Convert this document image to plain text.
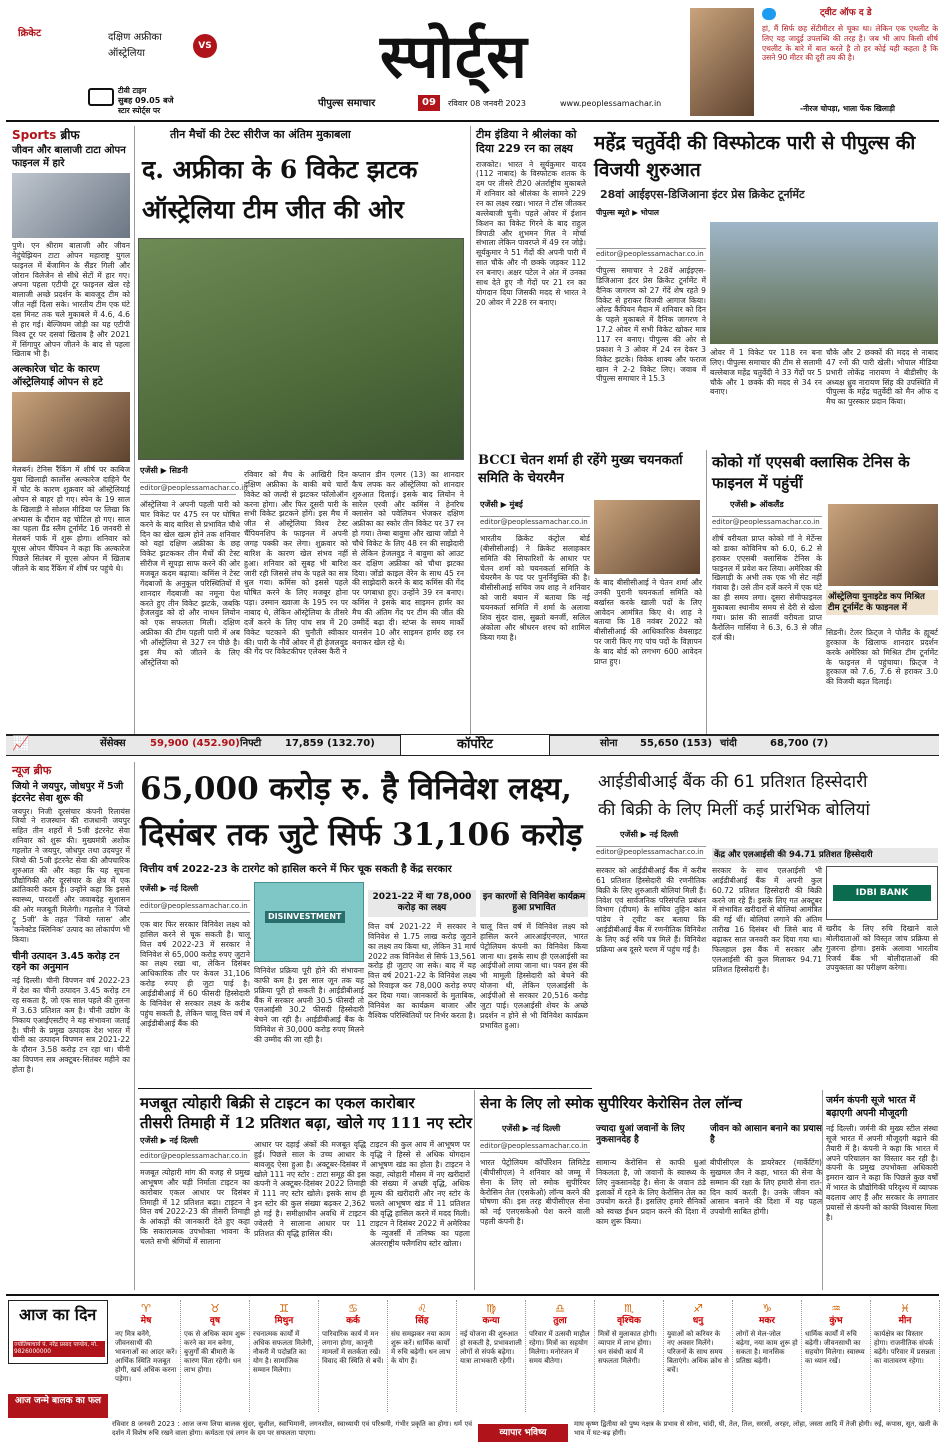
क्रिकेट	दक्षिण अफ्रीका
ऑस्ट्रेलिया
VS
टीवी टाइम
सुबह 09.05 बजे
स्टार स्पोर्ट्स पर
स्पोर्ट्स
पीपुल्स समाचार	09	रविवार 08 जनवरी 2023	www.peoplessamachar.in
ट्वीट ऑफ द डे
हां, मैं सिर्फ छह सेंटीमीटर से चूका था। लेकिन एक एथलीट के लिए यह जादुई उपलब्धि की तरह है। जब भी आप किसी शीर्ष एथलीट के बारे में बात करते है तो हर कोई यही कहता है कि उसने 90 मीटर की दूरी तय की है।
-नीरज चोपड़ा, भाला फेंक खिलाड़ी
Sports ब्रीफ
जीवन और बालाजी टाटा ओपन फाइनल में हारे
पुणे। एन श्रीराम बालाजी और जीवन नेदुंचेझियन टाटा ओपन महाराष्ट्र युगल फाइनल में बेंजामिन के सैंडर गिली और जोरान विलेजेन से सीधे सेटों में हार गए। अपना पहला एटीपी टूर फाइनल खेल रहे बालाजी अच्छे प्रदर्शन के बावजूद टीम को जीत नहीं दिला सके। भारतीय टीम एक घंटे दस मिनट तक चले मुकाबले में 4.6, 4.6 से हार गई। बेल्जियम जोड़ी का यह एटीपी विश्व टूर पर दसवां खिताब है और 2021 में सिंगापुर ओपन जीतने के बाद से पहला खिताब भी है।
अल्कारेज चोट के कारण ऑस्ट्रेलियाई ओपन से हटे
मेलबर्न। टेनिस रैंकिंग में शीर्ष पर काबिज युवा खिलाड़ी कार्लोस अल्कारेज दाहिने पैर में चोट के कारण शुक्रवार को ऑस्ट्रेलियाई ओपन से बाहर हो गए। स्पेन के 19 साल के खिलाड़ी ने सोशल मीडिया पर लिखा कि अभ्यास के दौरान वह चोटिल हो गए। साल का पहला ग्रैंड स्लैम टूर्नामेंट 16 जनवरी से मेलबर्न पार्क में शुरू होगा। शनिवार को यूएस ओपन चैंपियन ने कहा कि अल्कारेज पिछले सितंबर में यूएस ओपन में खिताब जीतने के बाद रैंकिंग में शीर्ष पर पहुंचे थे।
तीन मैचों की टेस्ट सीरीज का अंतिम मुकाबला
द. अफ्रीका के 6 विकेट झटक
ऑस्ट्रेलिया टीम जीत की ओर
एजेंसी ▶ सिडनी
editor@peoplessamachar.co.in
ऑस्ट्रेलिया ने अपनी पहली पारी को चार विकेट पर 475 रन पर घोषित करने के बाद बारिश से प्रभावित चौथे दिन का खेल खत्म होने तक शनिवार को यहां दक्षिण अफ्रीका के छह विकेट झटककर तीन मैचों की टेस्ट सीरीज में सूपड़ा साफ करने की ओर मजबूत कदम बढ़ाया। कमिंस ने टेस्ट गेंदबाजों के अनुकूल परिस्थितियों में शानदार गेंदबाजी का नमूना पेश करते हुए तीन विकेट झटके, जबकि हेजलवुड को दो और नाथन लियोन को एक सफलता मिली। दक्षिण अफ्रीका की टीम पहली पारी में अब भी ऑस्ट्रेलिया से 327 रन पीछे है। इस मैच को जीतने के लिए ऑस्ट्रेलिया को
रविवार को मैच के आखिरी दिन दक्षिण अफ्रीका के बाकी बचे चारों विकेट को जल्दी से झटकर फॉलोऑन करना होगा। और फिर दूसरी पारी के सभी विकेट झटकने होंगे। इस मैच में जीत से ऑस्ट्रेलिया विश्व टेस्ट चैंपियनशिप के फाइनल में अपनी जगह पक्की कर लेगा। शुक्रवार को बारिश के कारण खेल संभव नहीं हुआ। शनिवार को सुबह भी बारिश जारी रही जिससे लंच के पहले का सत्र धुल गया। कमिंस को इससे पहले घोषित करने के लिए मजबूर होना पड़ा। उस्मान ख्वाजा के 195 रन पर नाबाद थे, लेकिन ऑस्ट्रेलिया के तीसरे दर्जे करने के लिए पांच सत्र में 20 विकेट चटकाने की चुनौती स्वीकार की। पारी के नौवें ओवर में ही हेजलवुड की गेंद पर विकेटकीपर एलेक्स कैरी ने
कप्तान डीन एल्गर (13) का शानदार कैच लपक कर ऑस्ट्रेलिया को शानदार शुरुआत दिलाई। इसके बाद लियोन ने सारेल एरवी और कमिंस ने हेनरिच क्लासेन को पवेलियन भेजकर दक्षिण अफ्रीका का स्कोर तीन विकेट पर 37 रन हो गया। तेम्बा बावुमा और खाया जोंडो ने चौथे विकेट के लिए 48 रन की साझेदारी से लेकिन हेजलवुड ने बावुमा को आउट कर दक्षिण अफ्रीका को चौथा झटका दिया। जोंडो काइल वेरेन के साथ 45 रन की साझेदारी करने के बाद कमिंस की गेंद पर पगबाधा हुए। उन्होंने 39 रन बनाए। कमिंस ने इसके बाद साइमन हार्मर का मैच की अंतिम गेंद पर टीम की जीत की उम्मीदें बढ़ा दी। स्टंप्स के समय मार्को यानसेन 10 और साइमन हार्मर छह रन बनाकर खेल रहे थे।
टीम इंडिया ने श्रीलंका को दिया 229 रन का लक्ष्य
राजकोट। भारत ने सूर्यकुमार यादव (112 नाबाद) के विस्फोटक शतक के दम पर तीसरे टी20 अंतर्राष्ट्रीय मुकाबले में शनिवार को श्रीलंका के सामने 229 रन का लक्ष्य रखा। भारत ने टॉस जीतकर बल्लेबाजी चुनी। पहले ओवर में ईशान किशन का विकेट गिरने के बाद राहुल त्रिपाठी और शुभमन गिल ने मोर्चा संभाला लेकिन पावरप्ले में 49 रन जोड़े। सूर्यकुमार ने 51 गेंदों की अपनी पारी में सात चौके और नौ छक्के जड़कर 112 रन बनाए। अक्षर पटेल ने अंत में उनका साथ देते हुए नौ गेंदों पर 21 रन का योगदान दिया जिसकी मदद से भारत ने 20 ओवर में 228 रन बनाए।
BCCI चेतन शर्मा ही रहेंगे मुख्य चयनकर्ता समिति के चेयरमैन
एजेंसी ▶ मुंबई
editor@peoplessamachar.co.in
भारतीय क्रिकेट कंट्रोल बोर्ड (बीसीसीआई) ने क्रिकेट सलाहकार समिति की सिफारिशों के आधार पर चेतन शर्मा को चयनकर्ता समिति के चेयरमैन के पद पर पुनर्नियुक्ति की है। बीसीसीआई सचिव जय शाह ने शनिवार को जारी बयान में बताया कि नई चयनकर्ता समिति में शर्मा के अलावा शिव सुंदर दास, सुब्रतो बनर्जी, सलिल अंकोला और श्रीधरन शरथ को शामिल किया गया है।
के बाद बीसीसीआई ने चेतन शर्मा और उनकी पुरानी चयनकर्ता समिति को बर्खास्त करके खाली पदों के लिए आवेदन आमंत्रित किए थे। शाह ने बताया कि 18 नवंबर 2022 को बीसीसीआई की आधिकारिक वेबसाइट पर जारी किए गए पांच पदों के विज्ञापन के बाद बोर्ड को लगभग 600 आवेदन प्राप्त हुए।
महेंद्र चतुर्वेदी की विस्फोटक पारी से पीपुल्स की विजयी शुरुआत
28वां आईइएस-डिजिआना इंटर प्रेस क्रिकेट टूर्नामेंट
पीपुल्स ब्यूरो ▶ भोपाल
editor@peoplessamachar.co.in
पीपुल्स समाचार ने 28वें आईइएस-डिजिआना इंटर प्रेस क्रिकेट टूर्नामेंट में दैनिक जागरण को 27 गेंदें शेष रहते 9 विकेट से हराकर विजयी आगाज किया। ओल्ड कैंपियन मैदान में शनिवार को दिन के पहले मुकाबले में दैनिक जागरण ने 17.2 ओवर में सभी विकेट खोकर मात्र 117 रन बनाए। पीपुल्स की ओर से प्रकाश ने 3 ओवर में 24 रन देकर 3 विकेट झटके। विवेक शाक्य और फराज खान ने 2-2 विकेट लिए। जवाब में पीपुल्स समाचार ने 15.3
ओवर में 1 विकेट पर 118 रन बना लिए। पीपुल्स समाचार की टीम से सलामी बल्लेबाज महेंद्र चतुर्वेदी ने 33 गेंदों पर 5 चौके और 1 छक्के की मदद से 34 रन बनाए।
चौके और 2 छक्कों की मदद से नाबाद 47 रनों की पारी खेली। भोपाल मीडिया प्रभारी लोकेंद्र नारायण ने बीडीसीए के अध्यक्ष ध्रुव नारायण सिंह की उपस्थिति में पीपुल्स के महेंद्र चतुर्वेदी को मैन ऑफ द मैच का पुरस्कार प्रदान किया।
कोको गॉ एएसबी क्लासिक टेनिस के फाइनल में पहुंचीं
एजेंसी ▶ ऑकलैंड
editor@peoplessamachar.co.in
शीर्ष वरीयता प्राप्त कोको गॉ ने मेर्टेन्स को डाका कोविनिच को 6.0, 6.2 से हराकर एएसबी क्लासिक टेनिस के फाइनल में प्रवेश कर लिया। अमेरिका की खिलाड़ी के अभी तक एक भी सेट नहीं गंवाया है। उसे तीन दर्जे करने में एक घंटे का ही समय लगा। दूसरा सेमीफाइनल मुकाबला स्थानीय समय से देरी से खेला गया। फ्रांस की सातवीं वरीयता प्राप्त कैरोलिन गार्सिया ने 6.3, 6.3 से जीत दर्ज की।
ऑस्ट्रेलिया युनाइटेड कप मिश्रित टीम टूर्नामेंट के फाइनल में
सिडनी। टेलर फ्रिट्ज ने पोलैंड के ह्यूबर्ट हुरकाज के खिलाफ शानदार प्रदर्शन करके अमेरिका को मिश्रित टीम टूर्नामेंट के फाइनल में पहुंचाया। फ्रिट्ज ने हुरकाज को 7.6, 7.6 से हराकर 3.0 की विजयी बढ़त दिलाई।
📈	सेंसेक्स 59,900 (452.90) निफ्टी 17,859 (132.70)	कॉर्पोरेट	सोना 55,650 (153) चांदी	68,700 (7)
न्यूज ब्रीफ
जियो ने जयपुर, जोधपुर में 5जी इंटरनेट सेवा शुरू की
जयपुर। निजी दूरसंचार कंपनी रिलायंस जियो ने राजस्थान की राजधानी जयपुर सहित तीन शहरों में 5जी इंटरनेट सेवा शनिवार को शुरू की। मुख्यमंत्री अशोक गहलोत ने जयपुर, जोधपुर तथा उदयपुर में जियो की 5जी इंटरनेट सेवा की औपचारिक शुरुआत की और कहा कि यह सूचना प्रौद्योगिकी और दूरसंचार के क्षेत्र में एक क्रांतिकारी कदम है। उन्होंने कहा कि इससे स्वास्थ्य, पारदर्शी और जवाबदेह सुशासन की ओर मजबूती मिलेगी। गहलोत ने 'जियो ट्रू 5जी' के तहत 'जियो ग्लास' और 'कनेक्टेड क्लिनिक' उत्पाद का लोकार्पण भी किया।
चीनी उत्पादन 3.45 करोड़ टन रहने का अनुमान
नई दिल्ली। चीनी विपणन वर्ष 2022-23 में देश का चीनी उत्पादन 3.45 करोड़ टन रह सकता है, जो एक साल पहले की तुलना में 3.63 प्रतिशत कम है। चीनी उद्योग के निकाय एआईएसटीए ने यह संभावना जताई है। चीनी के प्रमुख उत्पादक देश भारत में चीनी का उत्पादन विपणन सत्र 2021-22 के दौरान 3.58 करोड़ टन रहा था। चीनी का विपणन सत्र अक्टूबर-सितंबर महीने का होता है।
65,000 करोड़ रु. है विनिवेश लक्ष्य,
दिसंबर तक जुटे सिर्फ 31,106 करोड़
वित्तीय वर्ष 2022-23 के टारगेट को हासिल करने में फिर चूक सकती है केंद्र सरकार
एजेंसी ▶ नई दिल्ली
editor@peoplessamachar.co.in
एक बार फिर सरकार विनिवेश लक्ष्य को हासिल करने से चूक सकती है। चालू वित्त वर्ष 2022-23 में सरकार ने विनिवेश से 65,000 करोड़ रुपए जुटाने का लक्ष्य रखा था, लेकिन दिसंबर आधिकारिक तौर पर केवल 31,106 करोड़ रुपए ही जुटा पाई है। आईडीबीआई में 60 फीसदी हिस्सेदारी के विनिवेश से सरकार लक्ष्य के करीब पहुंच सकती है, लेकिन चालू वित्त वर्ष में आईडीबीआई बैंक की
DISINVESTMENT
विनिवेश प्रक्रिया पूरी होने की संभावना काफी कम है। इस साल जून तक यह प्रक्रिया पूरी हो सकती है। आईडीबीआई बैंक में सरकार अपनी 30.5 फीसदी तो एलआईसी 30.2 फीसदी हिस्सेदारी बेचने जा रही है। आईडीबीआई बैंक के विनिवेश से 30,000 करोड़ रुपए मिलने की उम्मीद की जा रही है।
2021-22 में था 78,000 करोड़ का लक्ष्य
वित्त वर्ष 2021-22 में सरकार ने विनिवेश से 1.75 लाख करोड़ जुटाने का लक्ष्य तय किया था, लेकिन 31 मार्च 2022 तक विनिवेश से सिर्फ 13,561 करोड़ ही जुटाए जा सके। बाद में यह वित्त वर्ष 2021-22 के विनिवेश लक्ष्य को रिवाइज कर 78,000 करोड़ रुपए कर दिया गया। जानकारों के मुताबिक, विनिवेश का कार्यक्रम बाजार और वैश्विक परिस्थितियों पर निर्भर करता है।
इन कारणों से विनिवेश कार्यक्रम हुआ प्रभावित
चालू वित्त वर्ष में विनिवेश लक्ष्य को हासिल करने आरआईएनएल, भारत पेट्रोलियम कंपनी का विनिवेश किया जाना था। इसके साथ ही एलआईसी का आईपीओ लाया जाना था। पवन हंस की भी मामूली हिस्सेदारी को बेचने की योजना थी, लेकिन एलआईसी के आईपीओ से सरकार 20,516 करोड़ जुटा पाई। एलआईसी शेयर के अच्छे प्रदर्शन न होने से भी विनिवेश कार्यक्रम प्रभावित हुआ।
मजबूत त्योहारी बिक्री से टाइटन का एकल कारोबार
तीसरी तिमाही में 12 प्रतिशत बढ़ा, खोले गए 111 नए स्टोर
एजेंसी ▶ नई दिल्ली
editor@peoplessamachar.co.in
मजबूत त्योहारी मांग की वजह से प्रमुख आभूषण और घड़ी निर्माता टाइटन का कारोबार एकल आधार पर दिसंबर तिमाही में 12 प्रतिशत बढ़ा। टाइटन ने वित्त वर्ष 2022-23 की तीसरी तिमाही के आंकड़ों की जानकारी देते हुए कहा कि सकारात्मक उपभोक्ता भावना के चलते सभी श्रेणियों में सालाना
आधार पर दहाई अंकों की मजबूत वृद्धि हुई। पिछले साल के उच्च आधार के बावजूद ऐसा हुआ है। अक्टूबर-दिसंबर में खोले 111 नए स्टोर : टाटा समूह की इस कंपनी ने अक्टूबर-दिसंबर 2022 तिमाही में 111 नए स्टोर खोले। इसके साथ ही इन स्टोर की कुल संख्या बढ़कर 2,362 हो गई है। समीक्षाधीन अवधि में टाइटन ज्वेलरी ने सालाना आधार पर 11 प्रतिशत की वृद्धि हासिल की।
टाइटन की कुल आय में आभूषण पर वृद्धि ने हिस्से से अधिक योगदान आभूषण खंड का होता है। टाइटन ने कहा, त्योहारी मौसम में नए खरीदारों की संख्या में अच्छी वृद्धि, अधिक मूल्य की खरीदारी और नए स्टोर के चलते आभूषण खंड में 11 प्रतिशत की वृद्धि हासिल करने में मदद मिली। टाइटन ने दिसंबर 2022 में अमेरिका के न्यूजर्सी में तनिष्क का पहला अंतरराष्ट्रीय फ्लैगशिप स्टोर खोला।
सेना के लिए लो स्मोक सुपीरियर केरोसिन तेल लॉन्च
एजेंसी ▶ नई दिल्ली
editor@peoplessamachar.co.in
भारत पेट्रोलियम कॉर्पोरेशन लिमिटेड (बीपीसीएल) ने शनिवार को जम्मू में सेना के लिए लो स्मोक सुपीरियर केरोसिन तेल (एसकेओ) लॉन्च करने की घोषणा की। इस तरह बीपीसीएल सेना को नई एलएसकेओ पेश करने वाली पहली कंपनी है।
ज्यादा धुआं जवानों के लिए नुकसानदेह है
सामान्य केरोसिन से काफी धुआं निकलता है, जो जवानों के स्वास्थ्य के लिए नुकसानदेह है। सेना के जवान ठंडे इलाकों में रहने के लिए केरोसिन तेल का उपयोग करते हैं। इसलिए हमारे सैनिकों को स्वच्छ ईंधन प्रदान करने की दिशा में काम शुरू किया।
जीवन को आसान बनाने का प्रयास है
बीपीसीएल के डायरेक्टर (मार्केटिंग) सुखमल जैन ने कहा, भारत की सेना के सम्मान की रक्षा के लिए हमारी सेना रात-दिन कार्य करती है। उनके जीवन को आसान बनाने की दिशा में यह पहल उपयोगी साबित होगी।
आईडीबीआई बैंक की 61 प्रतिशत हिस्सेदारी
की बिक्री के लिए मिलीं कई प्रारंभिक बोलियां
एजेंसी ▶ नई दिल्ली
editor@peoplessamachar.co.in
सरकार को आईडीबीआई बैंक में करीब 61 प्रतिशत हिस्सेदारी की रणनीतिक बिक्री के लिए शुरुआती बोलियां मिली हैं। निवेश एवं सार्वजनिक परिसंपत्ति प्रबंधन विभाग (दीपम) के सचिव तुहिन कांत पांडेय ने ट्वीट कर बताया कि आईडीबीआई बैंक में रणनीतिक विनिवेश के लिए कई रुचि पत्र मिले हैं। विनिवेश प्रक्रिया अब दूसरे चरण में पहुंच गई है।
केंद्र और एलआईसी की 94.71 प्रतिशत हिस्सेदारी
सरकार के साथ एलआईसी भी आईडीबीआई बैंक में अपनी कुल 60.72 प्रतिशत हिस्सेदारी की बिक्री करने जा रहे हैं। इसके लिए गत अक्टूबर में संभावित खरीदारों से बोलियां आमंत्रित की गई थीं। बोलियां लगाने की अंतिम तारीख 16 दिसंबर थी जिसे बाद में बढ़ाकर सात जनवरी कर दिया गया था। फिलहाल इस बैंक में सरकार और एलआईसी की कुल मिलाकर 94.71 प्रतिशत हिस्सेदारी है।
IDBI BANK
खरीद के लिए रुचि दिखाने वाले बोलीदाताओं को विस्तृत जांच प्रक्रिया से गुजरना होगा। इसके अलावा भारतीय रिजर्व बैंक भी बोलीदाताओं की उपयुक्तता का परीक्षण करेगा।
जर्मन कंपनी सूजे भारत में बढ़ाएगी अपनी मौजूदगी
नई दिल्ली। जर्मनी की मुख्य स्टील संस्था सूजे भारत में अपनी मौजूदगी बढ़ाने की तैयारी में है। कंपनी ने कहा कि भारत में अपने परिचालन का विस्तार कर रही है। कंपनी के प्रमुख उपभोक्ता अधिकारी इमरान खान ने कहा कि पिछले कुछ वर्षों में भारत के प्रौद्योगिकी परिदृश्य में व्यापक बदलाव आए हैं और सरकार के लगातार प्रयासों से कंपनी को काफी विश्वास मिला है।
आज का दिन
ज्योतिषाचार्य पं. नरेंद्र प्रसाद पाण्डेय, मो. 9826000000
♈
मेष
नए मित्र बनेंगे, जीवनसाथी की भावनाओं का आदर करें। आर्थिक स्थिति मजबूत होगी, खर्च अधिक करना पड़ेगा।
♉
वृष
एक से अधिक काम शुरू करने का मन बनेगा, बुजुर्गों की बीमारी के कारण चिंता रहेगी। धन लाभ होगा।
♊
मिथुन
रचनात्मक कार्यों में अधिक सफलता मिलेगी, नौकरी में पदोन्नति का योग है। सामाजिक सम्मान मिलेगा।
♋
कर्क
पारिवारिक कार्य में मन लगाना होगा, कानूनी मामलों में सतर्कता रखें। विवाद की स्थिति से बचें।
♌
सिंह
संघ समझकर नया काम शुरू करें। धार्मिक कार्यों में रुचि बढ़ेगी। धन लाभ के योग हैं।
♍
कन्या
नई योजना की शुरुआत हो सकती है, प्रभावशाली लोगों से संपर्क बढ़ेगा। यात्रा लाभकारी रहेगी।
♎
तुला
परिवार में उत्सवी माहौल रहेगा। मित्रों का सहयोग मिलेगा। मनोरंजन में समय बीतेगा।
♏
वृश्चिक
मित्रों से मुलाकात होगी। व्यापार में लाभ होगा। धन संबंधी कार्य में सफलता मिलेगी।
♐
धनु
युवाओं को करियर के नए अवसर मिलेंगे। परिजनों के साथ समय बिताएंगे। अधिक क्रोध से बचें।
♑
मकर
लोगों से मेल-जोल बढ़ेगा, नया काम शुरू हो सकता है। मानसिक प्रतिष्ठा बढ़ेगी।
♒
कुंभ
धार्मिक कार्यों में रुचि बढ़ेगी। जीवनसाथी का सहयोग मिलेगा। स्वास्थ्य का ध्यान रखें।
♓
मीन
कार्यक्षेत्र का विस्तार होगा। राजनीतिक संपर्क बढ़ेंगे। परिवार में प्रसन्नता का वातावरण रहेगा।
आज जन्मे बालक का फल
रविवार 8 जनवरी 2023 : आज जन्म लिया बालक सुंदर, सुशील, स्वाभिमानी, लगनशील, स्वाध्यायी एवं परिश्रमी, गंभीर प्रकृति का होगा। धर्म एवं दर्शन में विशेष रुचि रखने वाला होगा। कर्मठता एवं लगन के दम पर सफलता पाएगा।	व्यापार भविष्य
माघ कृष्ण द्वितीया को पुष्य नक्षत्र के प्रभाव से सोना, चांदी, घी, तेल, तिल, सरसों, अरहर, लोहा, जस्ता आदि में तेजी होगी। रुई, कपास, सूत, खली के भाव में घट-बढ़ होगी।
